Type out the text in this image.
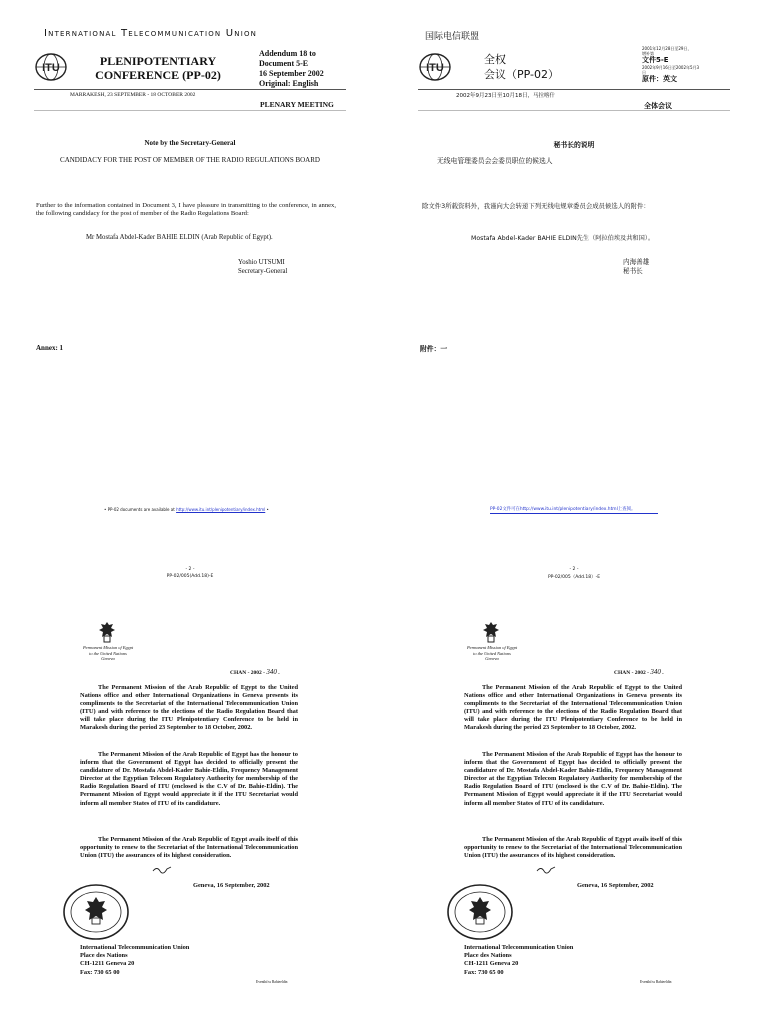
International Telecommunication Union
ITU	PLENIPOTENTIARY
CONFERENCE (PP-02)
Addendum 18 to
Document 5-E
16 September 2002
Original: English
MARRAKESH, 23 SEPTEMBER - 18 OCTOBER 2002
PLENARY MEETING
Note by the Secretary-General
CANDIDACY FOR THE POST OF MEMBER OF THE RADIO REGULATIONS BOARD
Further to the information contained in Document 3, I have pleasure in transmitting to the conference, in annex, the following candidacy for the post of member of the Radio Regulations Board:
Mr Mostafa Abdel-Kader BAHIE ELDIN (Arab Republic of Egypt).
Yoshio UTSUMI
Secretary-General
Annex: 1
• PP-02 documents are available at http://www.itu.int/plenipotentiary/index.html •
- 2 -
PP-02/005(Add.18)-E
国际电信联盟
ITU
全权
会议（PP-02）
2001年12月28日至29日，
增补第
文件5-E
2002年9月16日至2002年5月3
日
原件：英文
2002年9月23日至10月18日，马拉喀什
全体会议
秘书长的说明
无线电管理委员会会委员职位的候选人
除文件3所载资料外，我谨向大会转递下列无线电规章委员会成员候选人的附件：
Mostafa Abdel-Kader BAHIE ELDIN先生（阿拉伯埃及共和国）。
内海善雄
秘书长
附件：一
PP-02文件可在http://www.itu.int/plenipotentiary/index.html上查阅。
- 2 -
PP-02/005（Add.18）-E
Permanent Mission of Egypt
to the United Nations
Geneva
CHAN - 2002 - 340 .
The Permanent Mission of the Arab Republic of Egypt to the United Nations office and other International Organizations in Geneva presents its compliments to the Secretariat of the International Telecommunication Union (ITU) and with reference to the elections of the Radio Regulation Board that will take place during the ITU Plenipotentiary Conference to be held in Marakesh during the period 23 September to 18 October, 2002.
The Permanent Mission of the Arab Republic of Egypt has the honour to inform that the Government of Egypt has decided to officially present the candidature of Dr. Mostafa Abdel-Kader Bahie-Eldin, Frequency Management Director at the Egyptian Telecom Regulatory Authority for membership of the Radio Regulation Board of ITU (enclosed is the C.V of Dr. Bahie-Eldin). The Permanent Mission of Egypt would appreciate it if the ITU Secretariat would inform all member States of ITU of its candidature.
The Permanent Mission of the Arab Republic of Egypt avails itself of this opportunity to renew to the Secretariat of the International Telecommunication Union (ITU) the assurances of its highest consideration.
Geneva, 16 September, 2002
International Telecommunication Union
Place des Nations
CH-1211 Geneva 20
Fax: 730 65 00
Eventhi/ss Bahieeldin
Permanent Mission of Egypt
to the United Nations
Geneva
CHAN - 2002 - 340 .
The Permanent Mission of the Arab Republic of Egypt to the United Nations office and other International Organizations in Geneva presents its compliments to the Secretariat of the International Telecommunication Union (ITU) and with reference to the elections of the Radio Regulation Board that will take place during the ITU Plenipotentiary Conference to be held in Marakesh during the period 23 September to 18 October, 2002.
The Permanent Mission of the Arab Republic of Egypt has the honour to inform that the Government of Egypt has decided to officially present the candidature of Dr. Mostafa Abdel-Kader Bahie-Eldin, Frequency Management Director at the Egyptian Telecom Regulatory Authority for membership of the Radio Regulation Board of ITU (enclosed is the C.V of Dr. Bahie-Eldin). The Permanent Mission of Egypt would appreciate it if the ITU Secretariat would inform all member States of ITU of its candidature.
The Permanent Mission of the Arab Republic of Egypt avails itself of this opportunity to renew to the Secretariat of the International Telecommunication Union (ITU) the assurances of its highest consideration.
Geneva, 16 September, 2002
International Telecommunication Union
Place des Nations
CH-1211 Geneva 20
Fax: 730 65 00
Eventhi/ss Bahieeldin
